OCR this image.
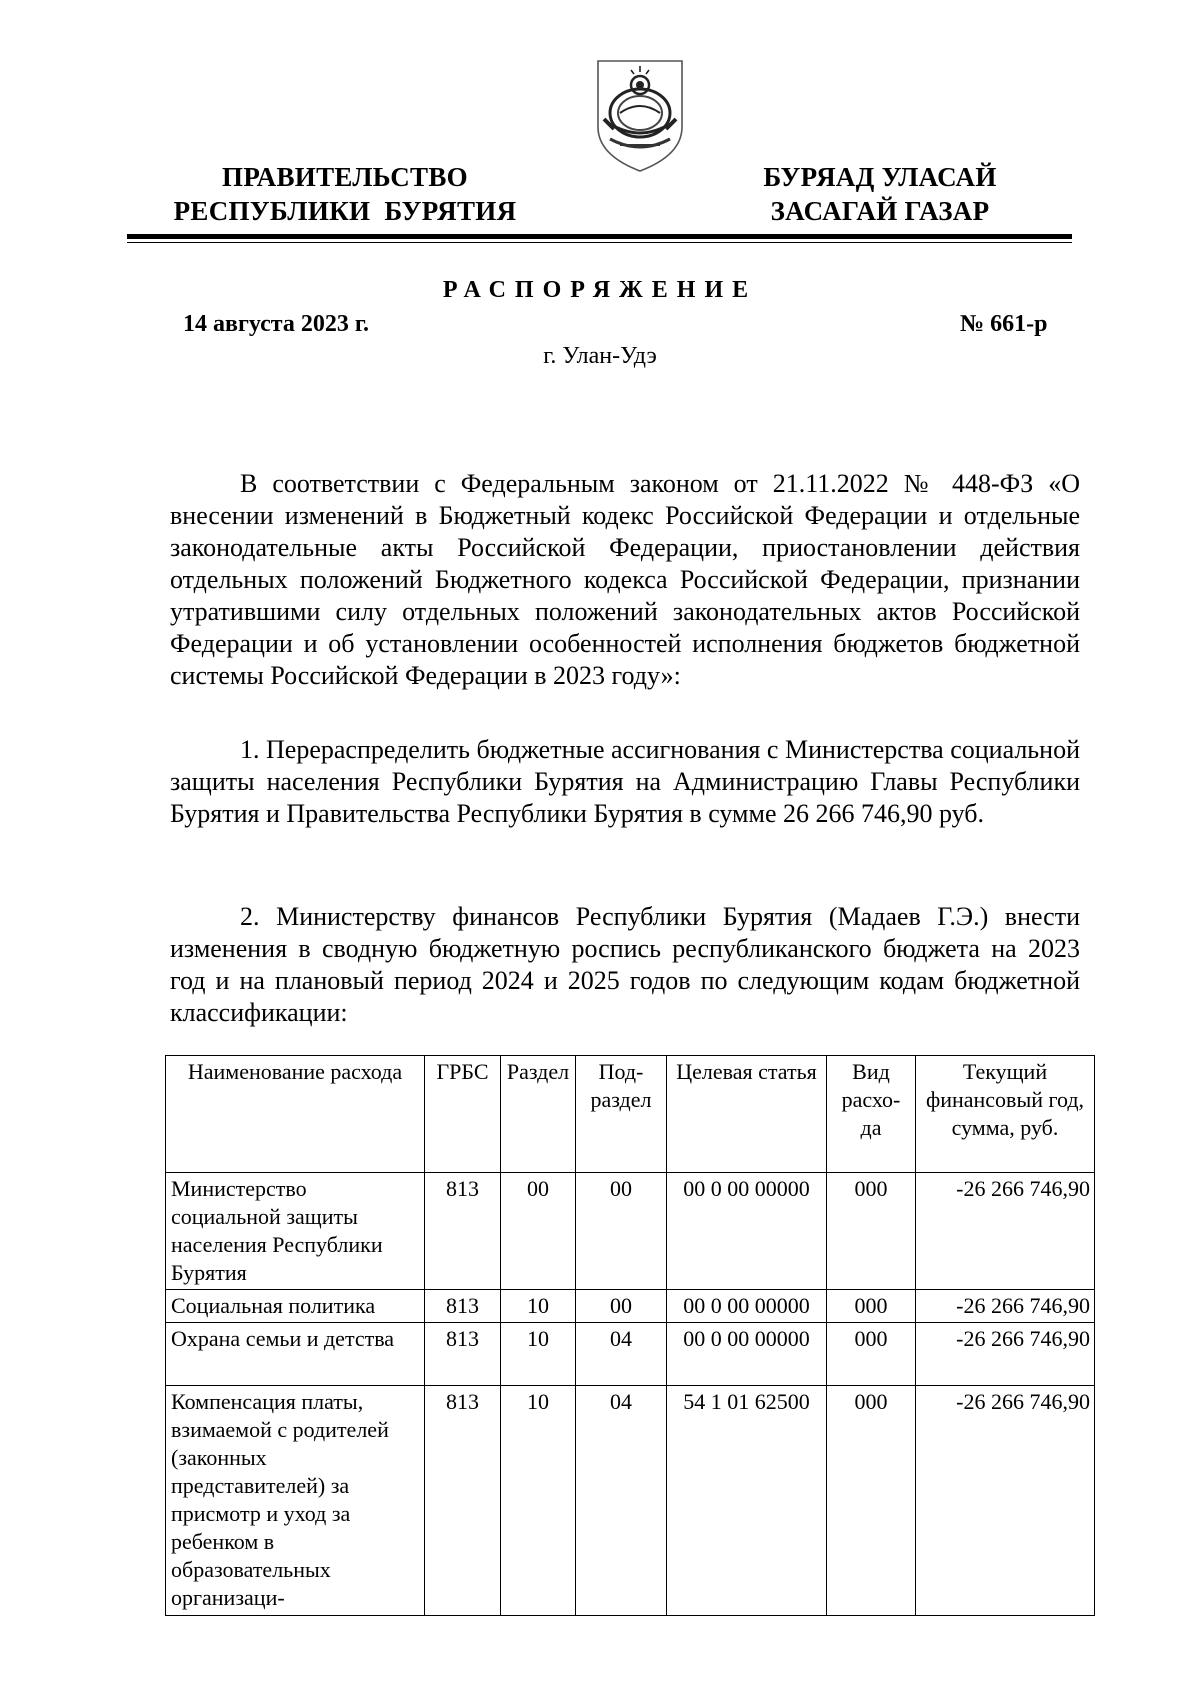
ПРАВИТЕЛЬСТВО
РЕСПУБЛИКИ  БУРЯТИЯ
БУРЯАД УЛАСАЙ
ЗАСАГАЙ ГАЗАР
РАСПОРЯЖЕНИЕ
14 августа 2023 г.	№ 661-р
г. Улан-Удэ
В соответствии с Федеральным законом от 21.11.2022 № 448-ФЗ «О внесении изменений в Бюджетный кодекс Российской Федерации и отдельные законодательные акты Российской Федерации, приостановлении действия отдельных положений Бюджетного кодекса Российской Федерации, признании утратившими силу отдельных положений законодательных актов Российской Федерации и об установлении особенностей исполнения бюджетов бюджетной системы Российской Федерации в 2023 году»:
1. Перераспределить бюджетные ассигнования с Министерства социальной защиты населения Республики Бурятия на Администрацию Главы Республики Бурятия и Правительства Республики Бурятия в сумме 26 266 746,90 руб.
2. Министерству финансов Республики Бурятия (Мадаев Г.Э.) внести изменения в сводную бюджетную роспись республиканского бюджета на 2023 год и на плановый период 2024 и 2025 годов по следующим кодам бюджетной классификации:
Наименование расхода	ГРБС	Раздел	Под-раздел	Целевая статья	Вид расхо-да	Текущий финансовый год, сумма, руб.
Министерство социальной защиты населения Республики Бурятия	813	00	00	00 0 00 00000	000	-26 266 746,90
Социальная политика	813	10	00	00 0 00 00000	000	-26 266 746,90
Охрана семьи и детства	813	10	04	00 0 00 00000	000	-26 266 746,90
Компенсация платы, взимаемой с родителей (законных представителей) за присмотр и уход за ребенком в образовательных организаци-	813	10	04	54 1 01 62500	000	-26 266 746,90
